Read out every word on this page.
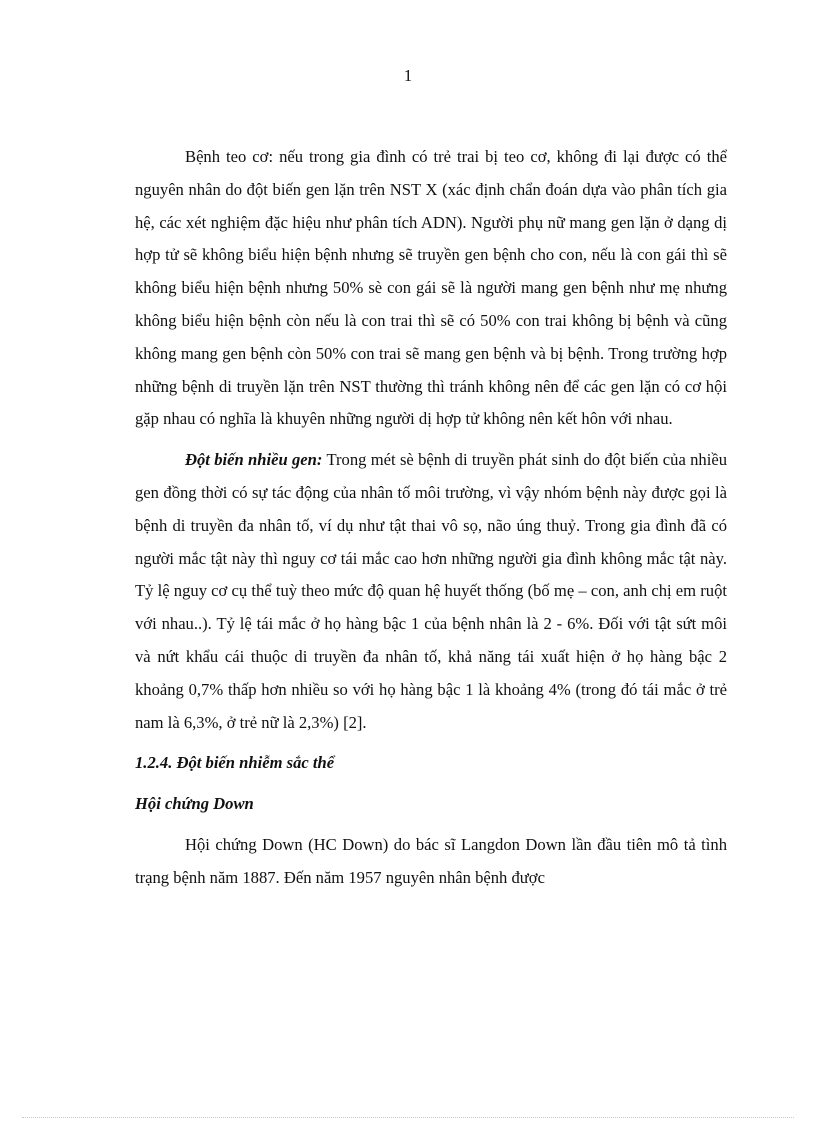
1

Bệnh teo cơ: nếu trong gia đình có trẻ trai bị teo cơ, không đi lại được có thể nguyên nhân do đột biến gen lặn trên NST X (xác định chẩn đoán dựa vào phân tích gia hệ, các xét nghiệm đặc hiệu như phân tích ADN). Người phụ nữ mang gen lặn ở dạng dị hợp tử sẽ không biểu hiện bệnh nhưng sẽ truyền gen bệnh cho con, nếu là con gái thì sẽ không biểu hiện bệnh nhưng 50% sè con gái sẽ là người mang gen bệnh như mẹ nhưng không biểu hiện bệnh còn nếu là con trai thì sẽ có 50% con trai không bị bệnh và cũng không mang gen bệnh còn 50% con trai sẽ mang gen bệnh và bị bệnh. Trong trường hợp những bệnh di truyền lặn trên NST thường thì tránh không nên để các gen lặn có cơ hội gặp nhau có nghĩa là khuyên những người dị hợp tử không nên kết hôn với nhau.

Đột biến nhiều gen: Trong mét sè bệnh di truyền phát sinh do đột biến của nhiều gen đồng thời có sự tác động của nhân tố môi trường, vì vậy nhóm bệnh này được gọi là bệnh di truyền đa nhân tố, ví dụ như tật thai vô sọ, não úng thuỷ. Trong gia đình đã có người mắc tật này thì nguy cơ tái mắc cao hơn những người gia đình không mắc tật này. Tỷ lệ nguy cơ cụ thể tuỳ theo mức độ quan hệ huyết thống (bố mẹ – con, anh chị em ruột với nhau..). Tỷ lệ tái mắc ở họ hàng bậc 1 của bệnh nhân là 2 - 6%. Đối với tật sứt môi và nứt khẩu cái thuộc di truyền đa nhân tố, khả năng tái xuất hiện ở họ hàng bậc 2 khoảng 0,7% thấp hơn nhiều so với họ hàng bậc 1 là khoảng 4% (trong đó tái mắc ở trẻ nam là 6,3%, ở trẻ nữ là 2,3%) [2].

1.2.4. Đột biến nhiễm sắc thể
Hội chứng Down

Hội chứng Down (HC Down) do bác sĩ Langdon Down lần đầu tiên mô tả tình trạng bệnh năm 1887. Đến năm 1957 nguyên nhân bệnh được
